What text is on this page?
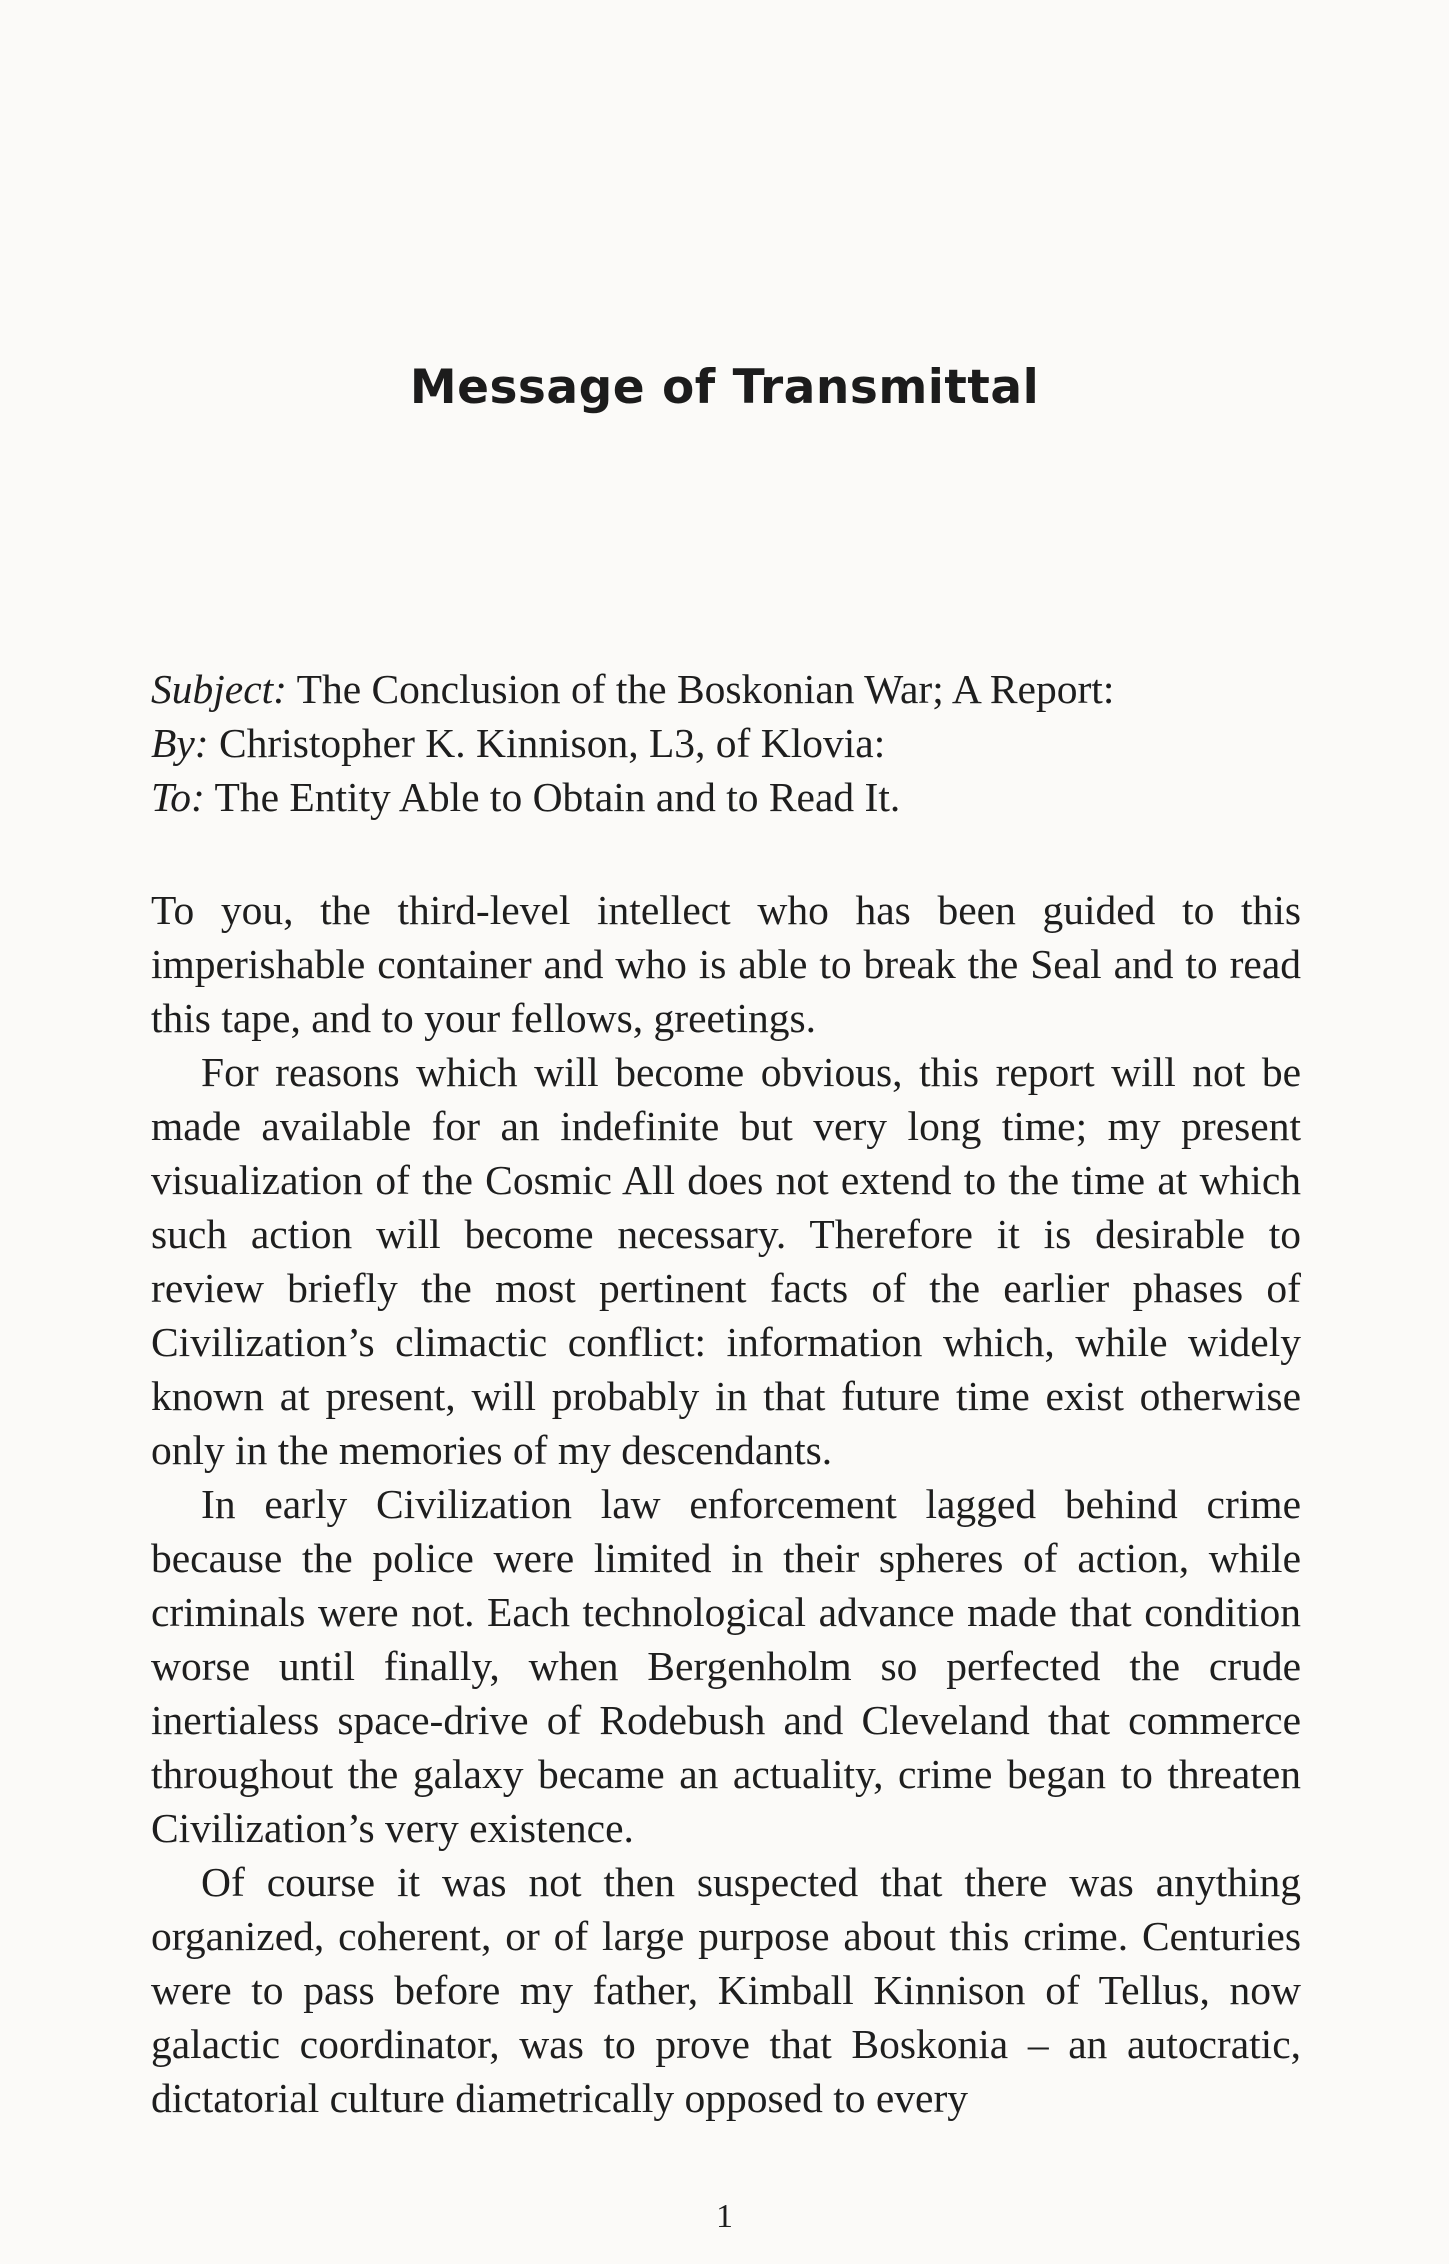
Message of Transmittal
Subject: The Conclusion of the Boskonian War; A Report:
By: Christopher K. Kinnison, L3, of Klovia:
To: The Entity Able to Obtain and to Read It.

To you, the third-level intellect who has been guided to this imperishable container and who is able to break the Seal and to read this tape, and to your fellows, greetings.

For reasons which will become obvious, this report will not be made available for an indefinite but very long time; my present visualization of the Cosmic All does not extend to the time at which such action will become necessary. Therefore it is desirable to review briefly the most pertinent facts of the earlier phases of Civilization’s climactic conflict: information which, while widely known at present, will probably in that future time exist otherwise only in the memories of my descendants.

In early Civilization law enforcement lagged behind crime because the police were limited in their spheres of action, while criminals were not. Each technological advance made that condition worse until finally, when Bergenholm so perfected the crude inertialess space-drive of Rodebush and Cleveland that commerce throughout the galaxy became an actuality, crime began to threaten Civilization’s very existence.

Of course it was not then suspected that there was anything organized, coherent, or of large purpose about this crime. Centuries were to pass before my father, Kimball Kinnison of Tellus, now galactic coordinator, was to prove that Boskonia – an autocratic, dictatorial culture diametrically opposed to every

1
